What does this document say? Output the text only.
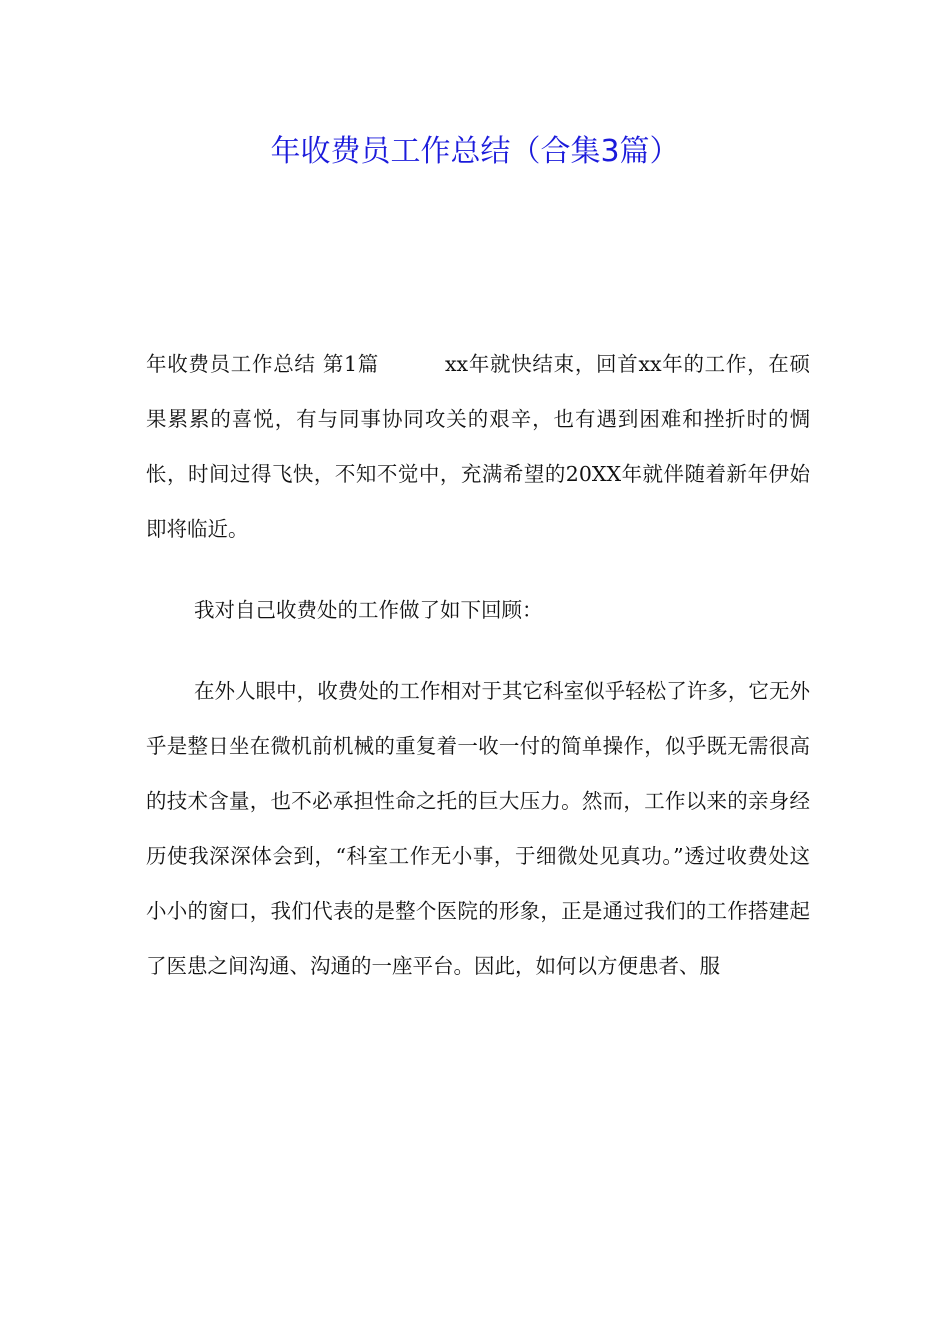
年收费员工作总结（合集3篇）

年收费员工作总结 第1篇	xx年就快结束，回首xx年的工作，在硕果累累的喜悦，有与同事协同攻关的艰辛，也有遇到困难和挫折时的惆怅，时间过得飞快，不知不觉中，充满希望的20XX年就伴随着新年伊始即将临近。

我对自己收费处的工作做了如下回顾：

在外人眼中，收费处的工作相对于其它科室似乎轻松了许多，它无外乎是整日坐在微机前机械的重复着一收一付的简单操作，似乎既无需很高的技术含量，也不必承担性命之托的巨大压力。然而，工作以来的亲身经历使我深深体会到，“科室工作无小事，于细微处见真功。”透过收费处这小小的窗口，我们代表的是整个医院的形象，正是通过我们的工作搭建起了医患之间沟通、沟通的一座平台。因此，如何以方便患者、服
